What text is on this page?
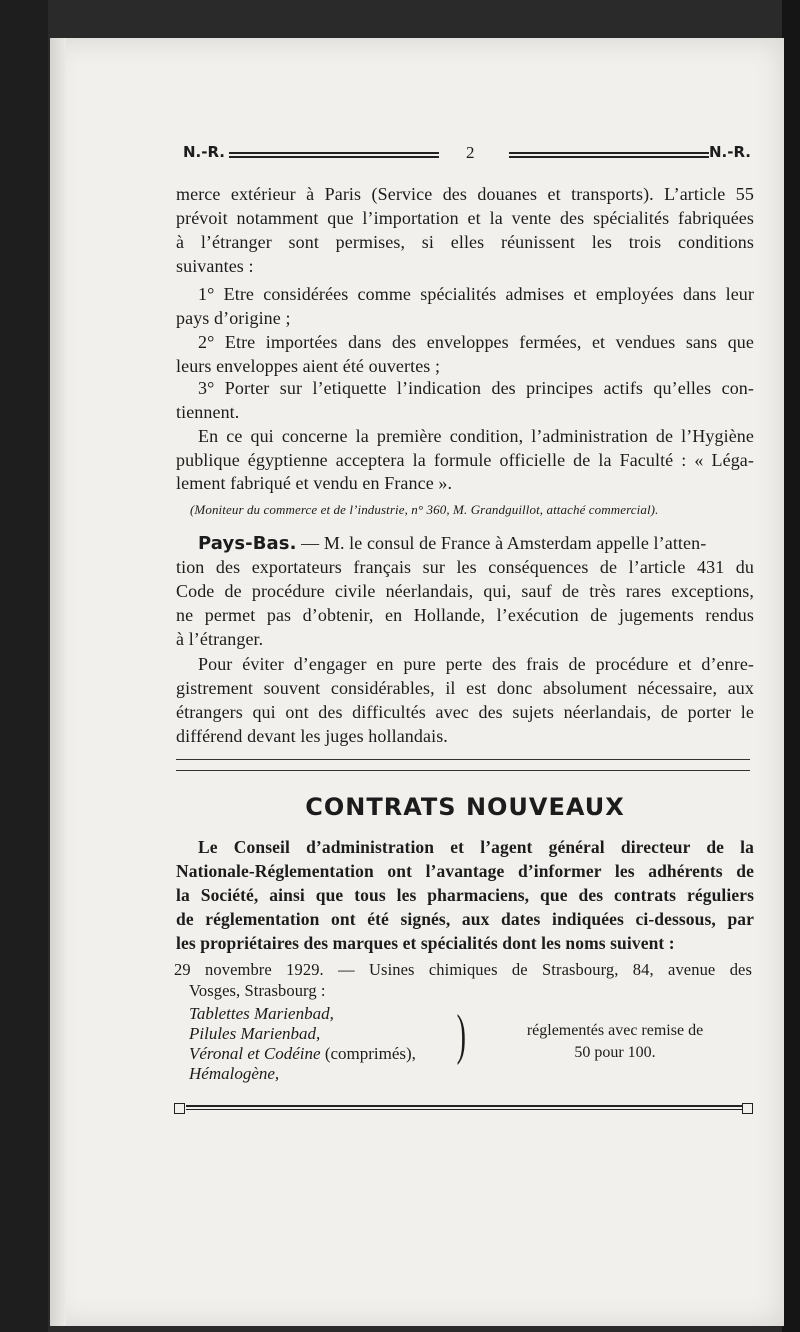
N.-R.	2	N.-R.
merce extérieur à Paris (Service des douanes et transports). L’article 55
prévoit notamment que l’importation et la vente des spécialités fabriquées
à l’étranger sont permises, si elles réunissent les trois conditions
suivantes :
1° Etre considérées comme spécialités admises et employées dans leur
pays d’origine ;
2° Etre importées dans des enveloppes fermées, et vendues sans que
leurs enveloppes aient été ouvertes ;
3° Porter sur l’etiquette l’indication des principes actifs qu’elles con-
tiennent.
En ce qui concerne la première condition, l’administration de l’Hygiène
publique égyptienne acceptera la formule officielle de la Faculté : « Léga-
lement fabriqué et vendu en France ».
(Moniteur du commerce et de l’industrie, n° 360, M. Grandguillot, attaché commercial).
Pays-Bas. — M. le consul de France à Amsterdam appelle l’atten-
tion des exportateurs français sur les conséquences de l’article 431 du
Code de procédure civile néerlandais, qui, sauf de très rares exceptions,
ne permet pas d’obtenir, en Hollande, l’exécution de jugements rendus
à l’étranger.
Pour éviter d’engager en pure perte des frais de procédure et d’enre-
gistrement souvent considérables, il est donc absolument nécessaire, aux
étrangers qui ont des difficultés avec des sujets néerlandais, de porter le
différend devant les juges hollandais.
CONTRATS NOUVEAUX
Le Conseil d’administration et l’agent général directeur de la
Nationale-Réglementation ont l’avantage d’informer les adhérents de
la Société, ainsi que tous les pharmaciens, que des contrats réguliers
de réglementation ont été signés, aux dates indiquées ci-dessous, par
les propriétaires des marques et spécialités dont les noms suivent :
29 novembre 1929. — Usines chimiques de Strasbourg, 84, avenue des
Vosges, Strasbourg :
Tablettes Marienbad,
Pilules Marienbad,
Véronal et Codéine (comprimés),
Hémalogène,
)	réglementés avec remise de
50 pour 100.
